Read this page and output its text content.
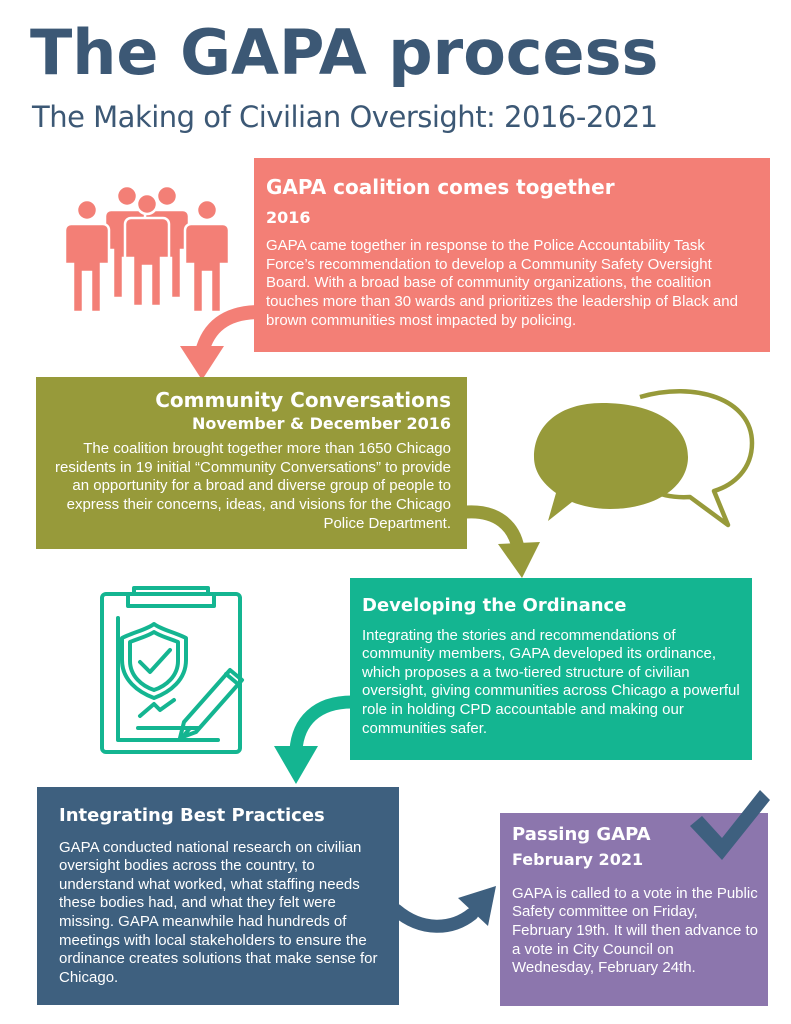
The GAPA process
The Making of Civilian Oversight: 2016-2021
GAPA coalition comes together
2016

GAPA came together in response to the Police Accountability Task Force’s recommendation to develop a Community Safety Oversight Board. With a broad base of community organizations, the coalition touches more than 30 wards and prioritizes the leadership of Black and brown communities most impacted by policing.

Community Conversations
November & December 2016

The coalition brought together more than 1650 Chicago residents in 19 initial “Community Conversations” to provide an opportunity for a broad and diverse group of people to express their concerns, ideas, and visions for the Chicago Police Department.

Developing the Ordinance

Integrating the stories and recommendations of community members, GAPA developed its ordinance, which proposes a a two-tiered structure of civilian oversight, giving communities across Chicago a powerful role in holding CPD accountable and making our communities safer.

Integrating Best Practices

GAPA conducted national research on civilian oversight bodies across the country, to understand what worked, what staffing needs these bodies had, and what they felt were missing. GAPA meanwhile had hundreds of meetings with local stakeholders to ensure the ordinance creates solutions that make sense for Chicago.

Passing GAPA
February 2021

GAPA is called to a vote in the Public Safety committee on Friday, February 19th. It will then advance to a vote in City Council on Wednesday, February 24th.
